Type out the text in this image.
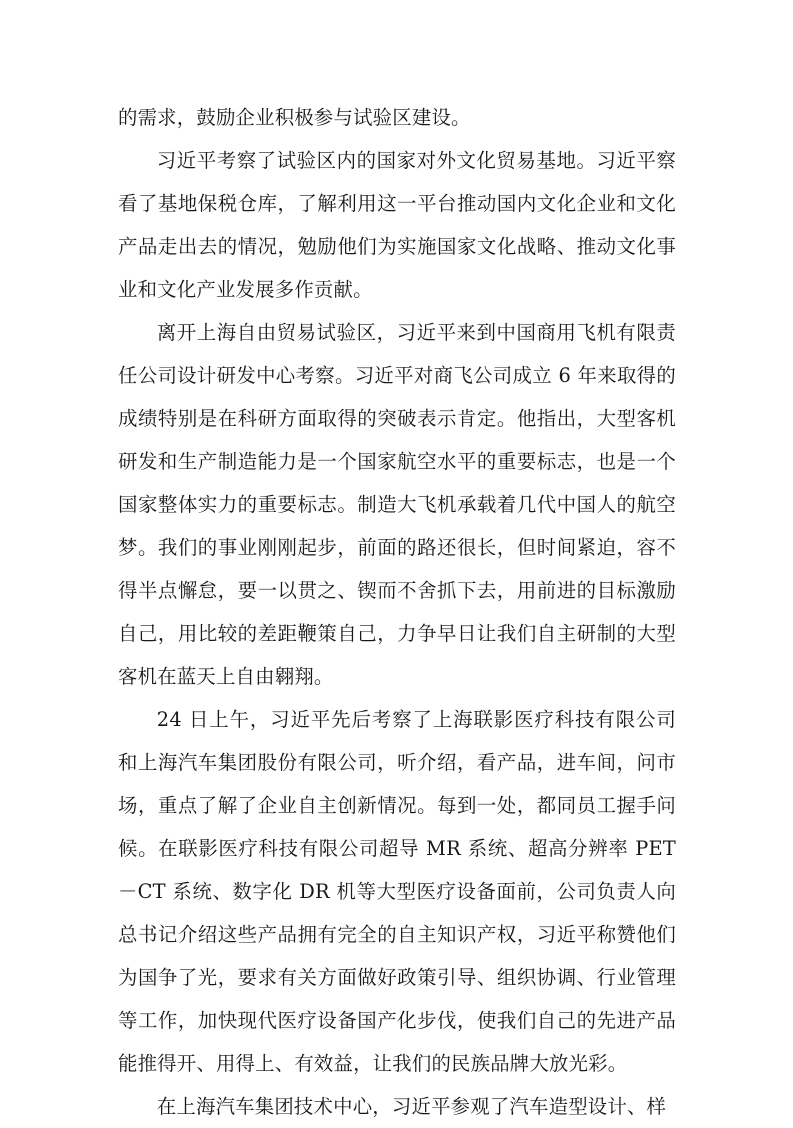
的需求，鼓励企业积极参与试验区建设。

习近平考察了试验区内的国家对外文化贸易基地。习近平察看了基地保税仓库，了解利用这一平台推动国内文化企业和文化产品走出去的情况，勉励他们为实施国家文化战略、推动文化事业和文化产业发展多作贡献。

离开上海自由贸易试验区，习近平来到中国商用飞机有限责任公司设计研发中心考察。习近平对商飞公司成立 6 年来取得的成绩特别是在科研方面取得的突破表示肯定。他指出，大型客机研发和生产制造能力是一个国家航空水平的重要标志，也是一个国家整体实力的重要标志。制造大飞机承载着几代中国人的航空梦。我们的事业刚刚起步，前面的路还很长，但时间紧迫，容不得半点懈怠，要一以贯之、锲而不舍抓下去，用前进的目标激励自己，用比较的差距鞭策自己，力争早日让我们自主研制的大型客机在蓝天上自由翱翔。

24 日上午，习近平先后考察了上海联影医疗科技有限公司和上海汽车集团股份有限公司，听介绍，看产品，进车间，问市场，重点了解了企业自主创新情况。每到一处，都同员工握手问候。在联影医疗科技有限公司超导 MR 系统、超高分辨率 PET－CT 系统、数字化 DR 机等大型医疗设备面前，公司负责人向总书记介绍这些产品拥有完全的自主知识产权，习近平称赞他们为国争了光，要求有关方面做好政策引导、组织协调、行业管理等工作，加快现代医疗设备国产化步伐，使我们自己的先进产品能推得开、用得上、有效益，让我们的民族品牌大放光彩。

在上海汽车集团技术中心，习近平参观了汽车造型设计、样
